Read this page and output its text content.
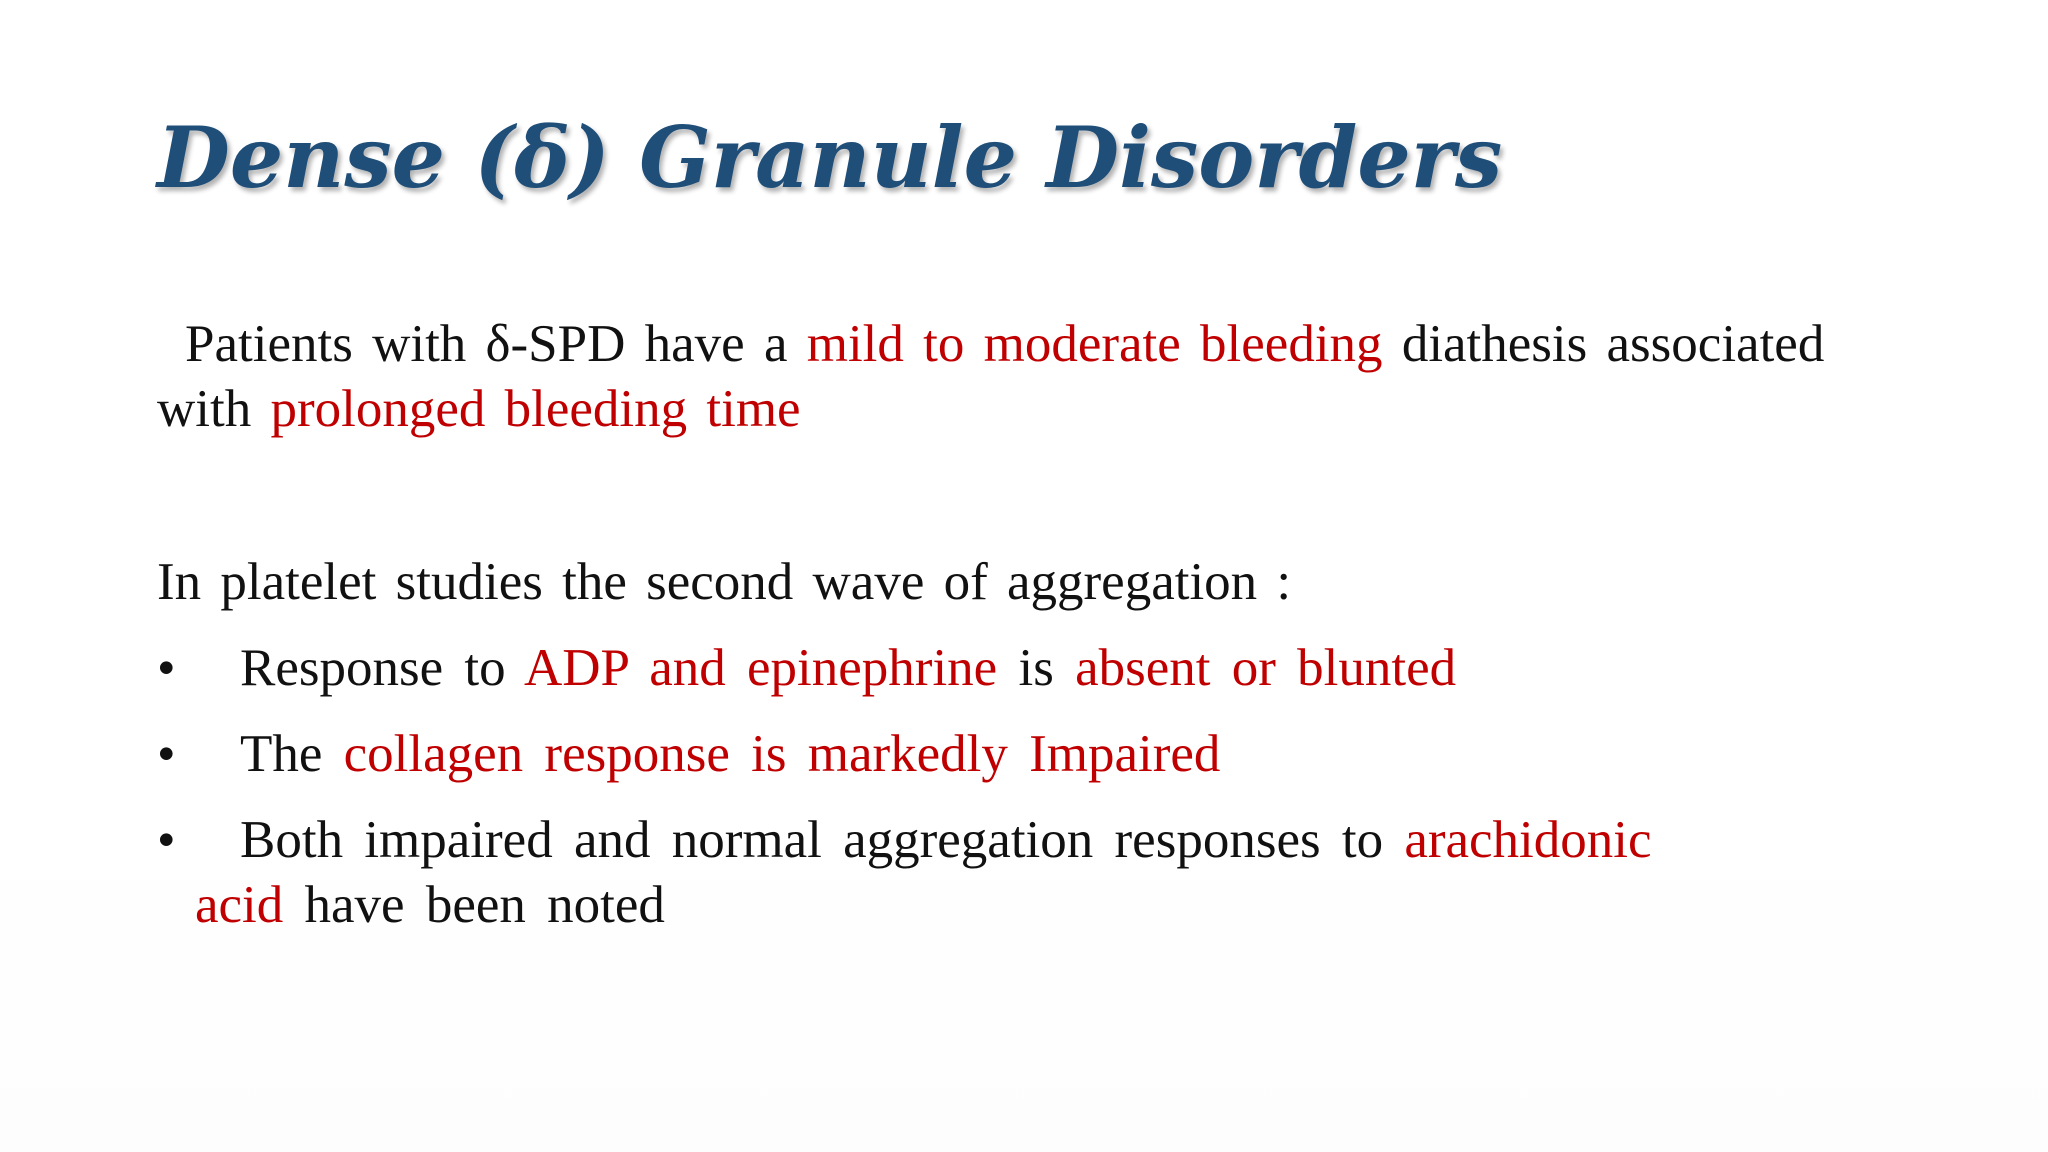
Dense (δ) Granule Disorders

Patients with δ-SPD have a mild to moderate bleeding diathesis associated with prolonged bleeding time

In platelet studies the second wave of aggregation :

•	Response to ADP and epinephrine is absent or blunted
•	The collagen response is markedly Impaired
• Both impaired and normal aggregation responses to arachidonic
acid have been noted
